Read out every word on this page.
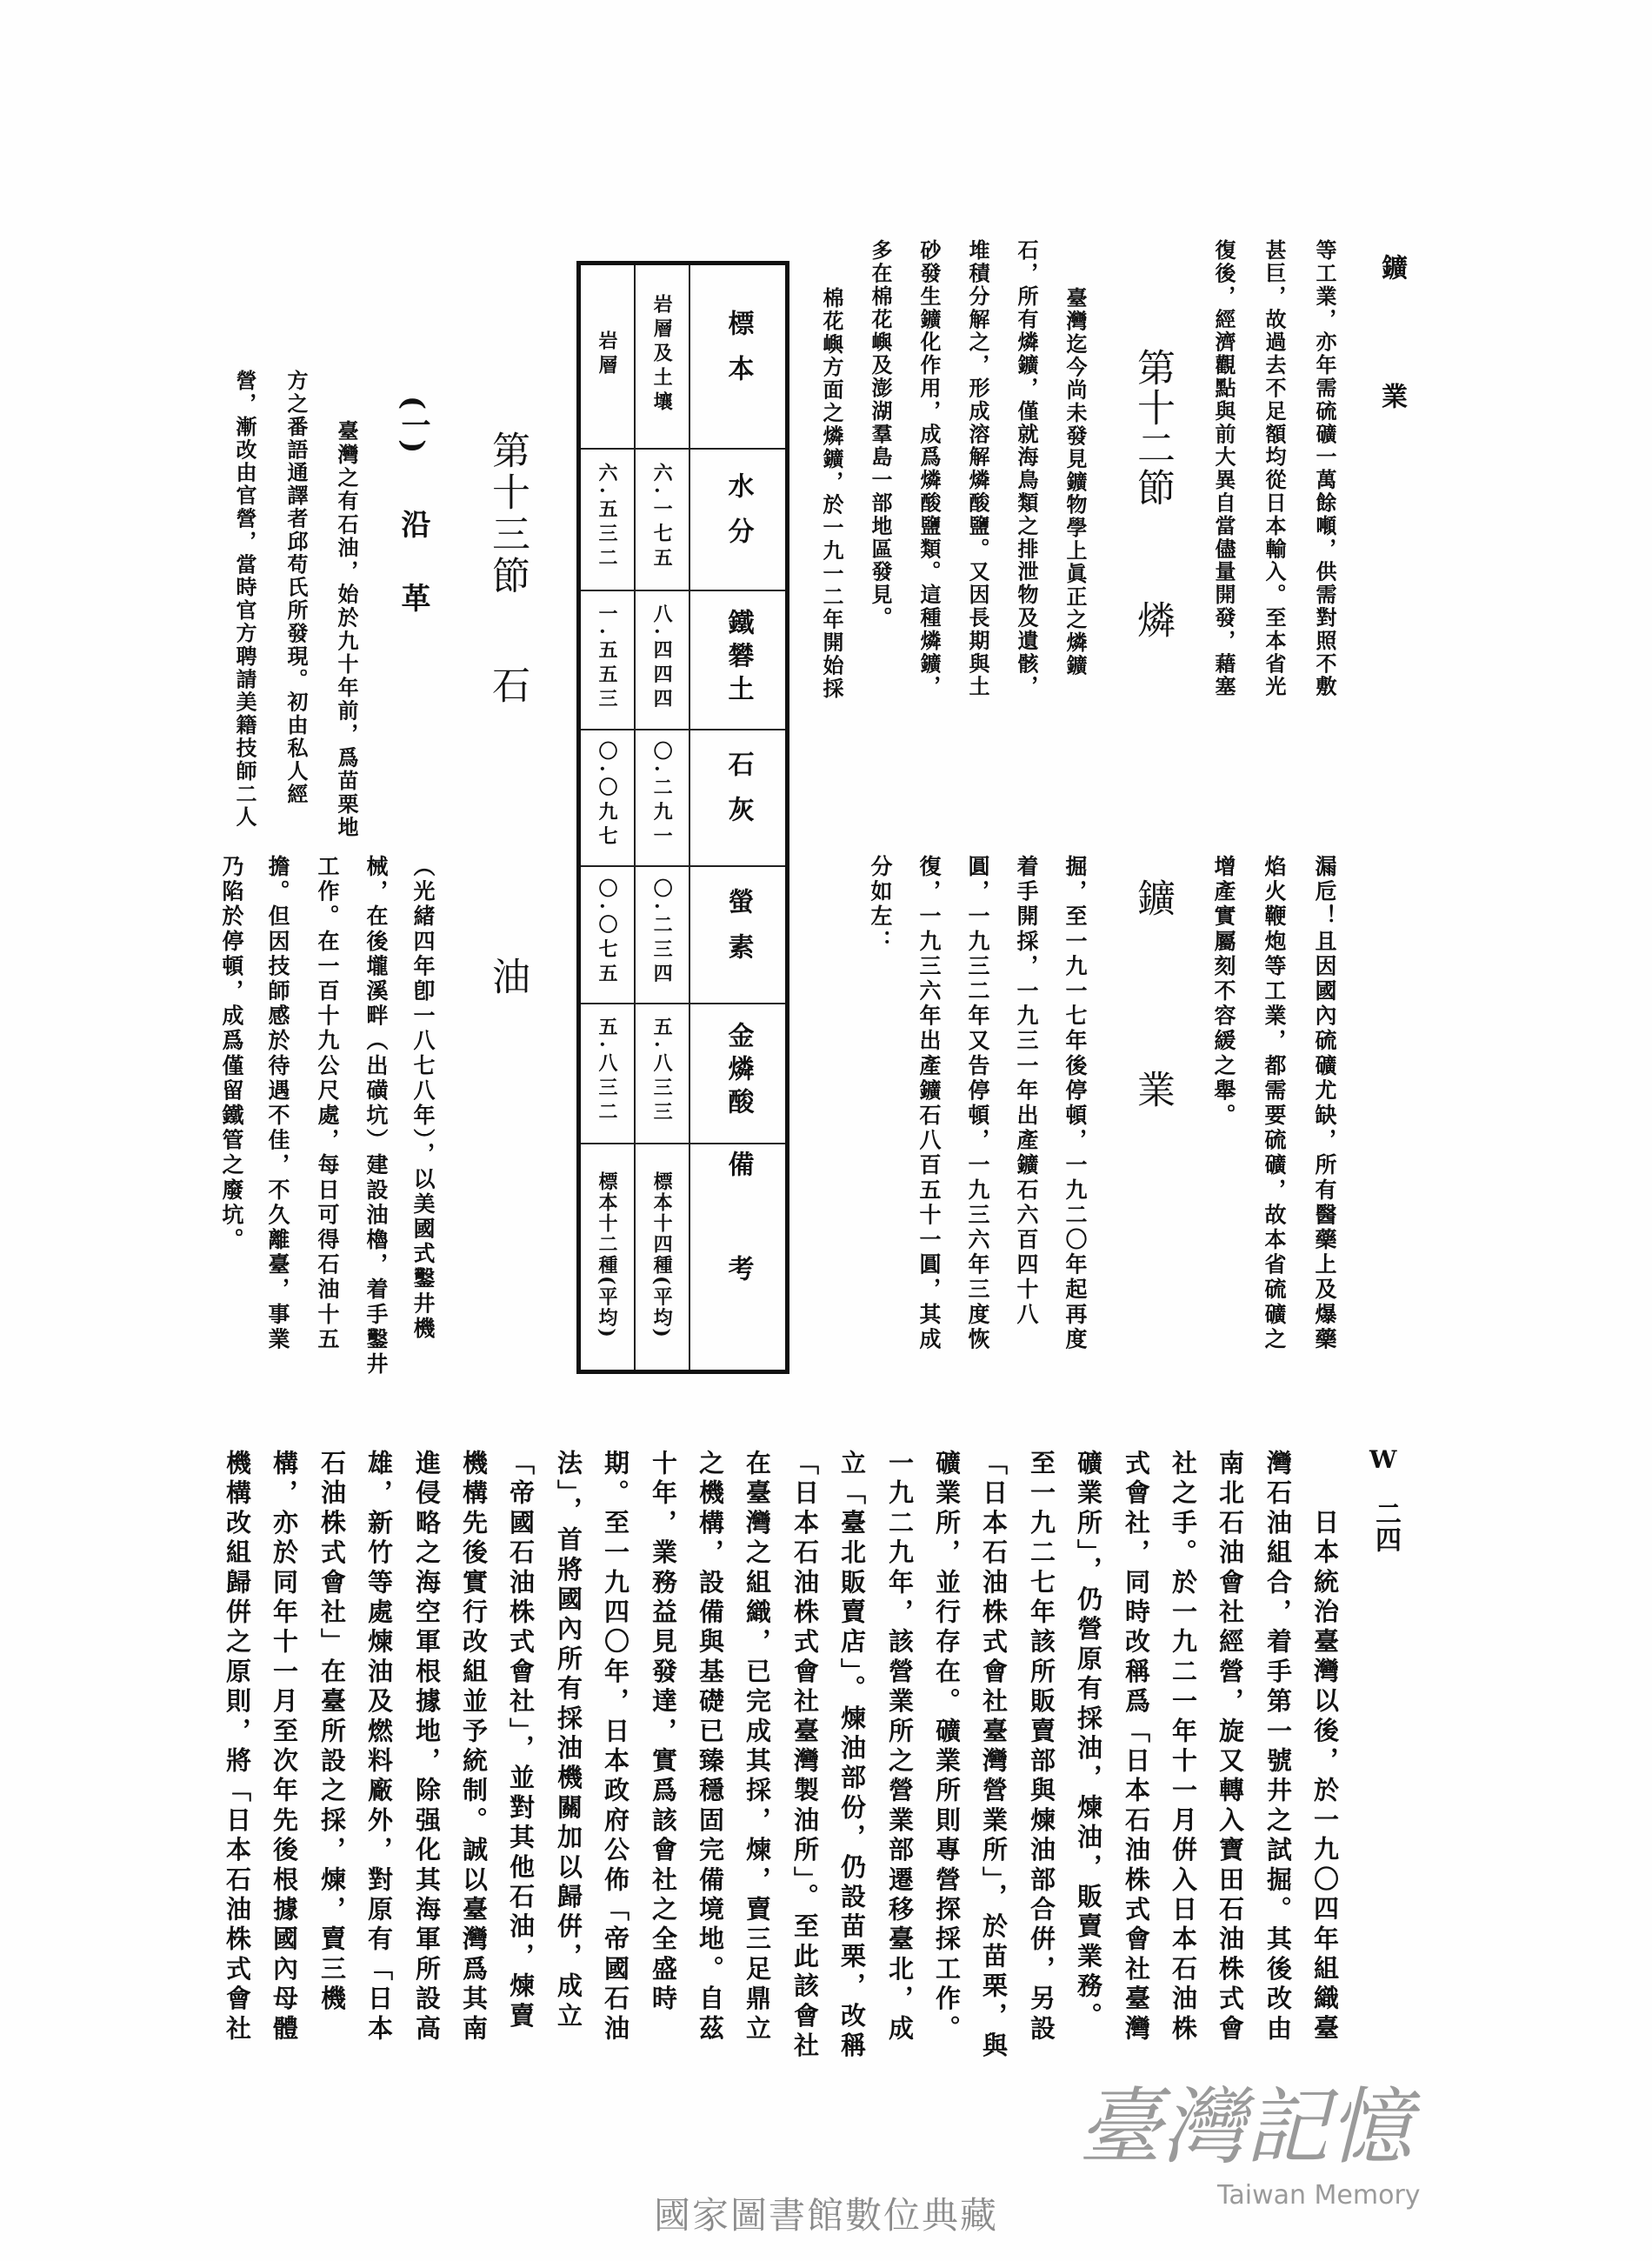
鑛
業
W
二四
等工業，亦年需硫礦一萬餘噸，供需對照不敷
甚巨，故過去不足額均從日本輸入。至本省光
復後，經濟觀點與前大異自當儘量開發，藉塞
漏卮！且因國內硫礦尤缺，所有醫藥上及爆藥
焰火鞭炮等工業，都需要硫礦，故本省硫礦之
增產實屬刻不容緩之舉。
第十二節
燐
鑛
業
臺灣迄今尚未發見鑛物學上眞正之燐鑛
石，所有燐鑛，僅就海鳥類之排泄物及遺骸，
堆積分解之，形成溶解燐酸鹽。又因長期與土
砂發生鑛化作用，成爲燐酸鹽類。這種燐鑛，
多在棉花嶼及澎湖羣島一部地區發見。
棉花嶼方面之燐鑛，於一九一二年開始採
掘，至一九一七年後停頓，一九二〇年起再度
着手開採，一九三一年出產鑛石六百四十八
圓，一九三二年又告停頓，一九三六年三度恢
復，一九三六年出產鑛石八百五十一圓，其成
分如左：
岩層	岩層及土壤	標本
六.五三二	六.一七五	水分
一.五五三	八.四四四	鐵礬土
〇.〇九七	〇.二九一	石灰
〇.〇七五	〇.二三四	螢素
五.八三二	五.八三三	金燐酸
標本十二種(平均)	標本十四種(平均)	備考
第十三節
石
油
(一)
沿
革
臺灣之有石油，始於九十年前，爲苗栗地
方之番語通譯者邱苟氏所發現。初由私人經
營，漸改由官營，當時官方聘請美籍技師二人
（光緒四年卽一八七八年），以美國式鑿井機
械，在後壠溪畔（出磺坑）建設油櫓，着手鑿井
工作。在一百十九公尺處，每日可得石油十五
擔。但因技師感於待遇不佳，不久離臺，事業
乃陷於停頓，成爲僅留鐵管之廢坑。
日本統治臺灣以後，於一九〇四年組織臺
灣石油組合，着手第一號井之試掘。其後改由
南北石油會社經營，旋又轉入寶田石油株式會
社之手。於一九二一年十一月倂入日本石油株
式會社，同時改稱爲「日本石油株式會社臺灣
礦業所」，仍營原有採油，煉油，販賣業務。
至一九二七年該所販賣部與煉油部合倂，另設
「日本石油株式會社臺灣營業所」，於苗栗，與
礦業所，並行存在。礦業所則專營探採工作。
一九二九年，該營業所之營業部遷移臺北，成
立「臺北販賣店」。煉油部份，仍設苗栗，改稱
「日本石油株式會社臺灣製油所」。至此該會社
在臺灣之組織，已完成其採，煉，賣三足鼎立
之機構，設備與基礎已臻穩固完備境地。自茲
十年，業務益見發達，實爲該會社之全盛時
期。至一九四〇年，日本政府公佈「帝國石油
法」，首將國內所有採油機關加以歸倂，成立
「帝國石油株式會社」，並對其他石油，煉賣
機構先後實行改組並予統制。誠以臺灣爲其南
進侵略之海空軍根據地，除强化其海軍所設高
雄，新竹等處煉油及燃料廠外，對原有「日本
石油株式會社」在臺所設之採，煉，賣三機
構，亦於同年十一月至次年先後根據國內母體
機構改組歸倂之原則，將「日本石油株式會社
臺灣記憶
Taiwan Memory
國家圖書館數位典藏
